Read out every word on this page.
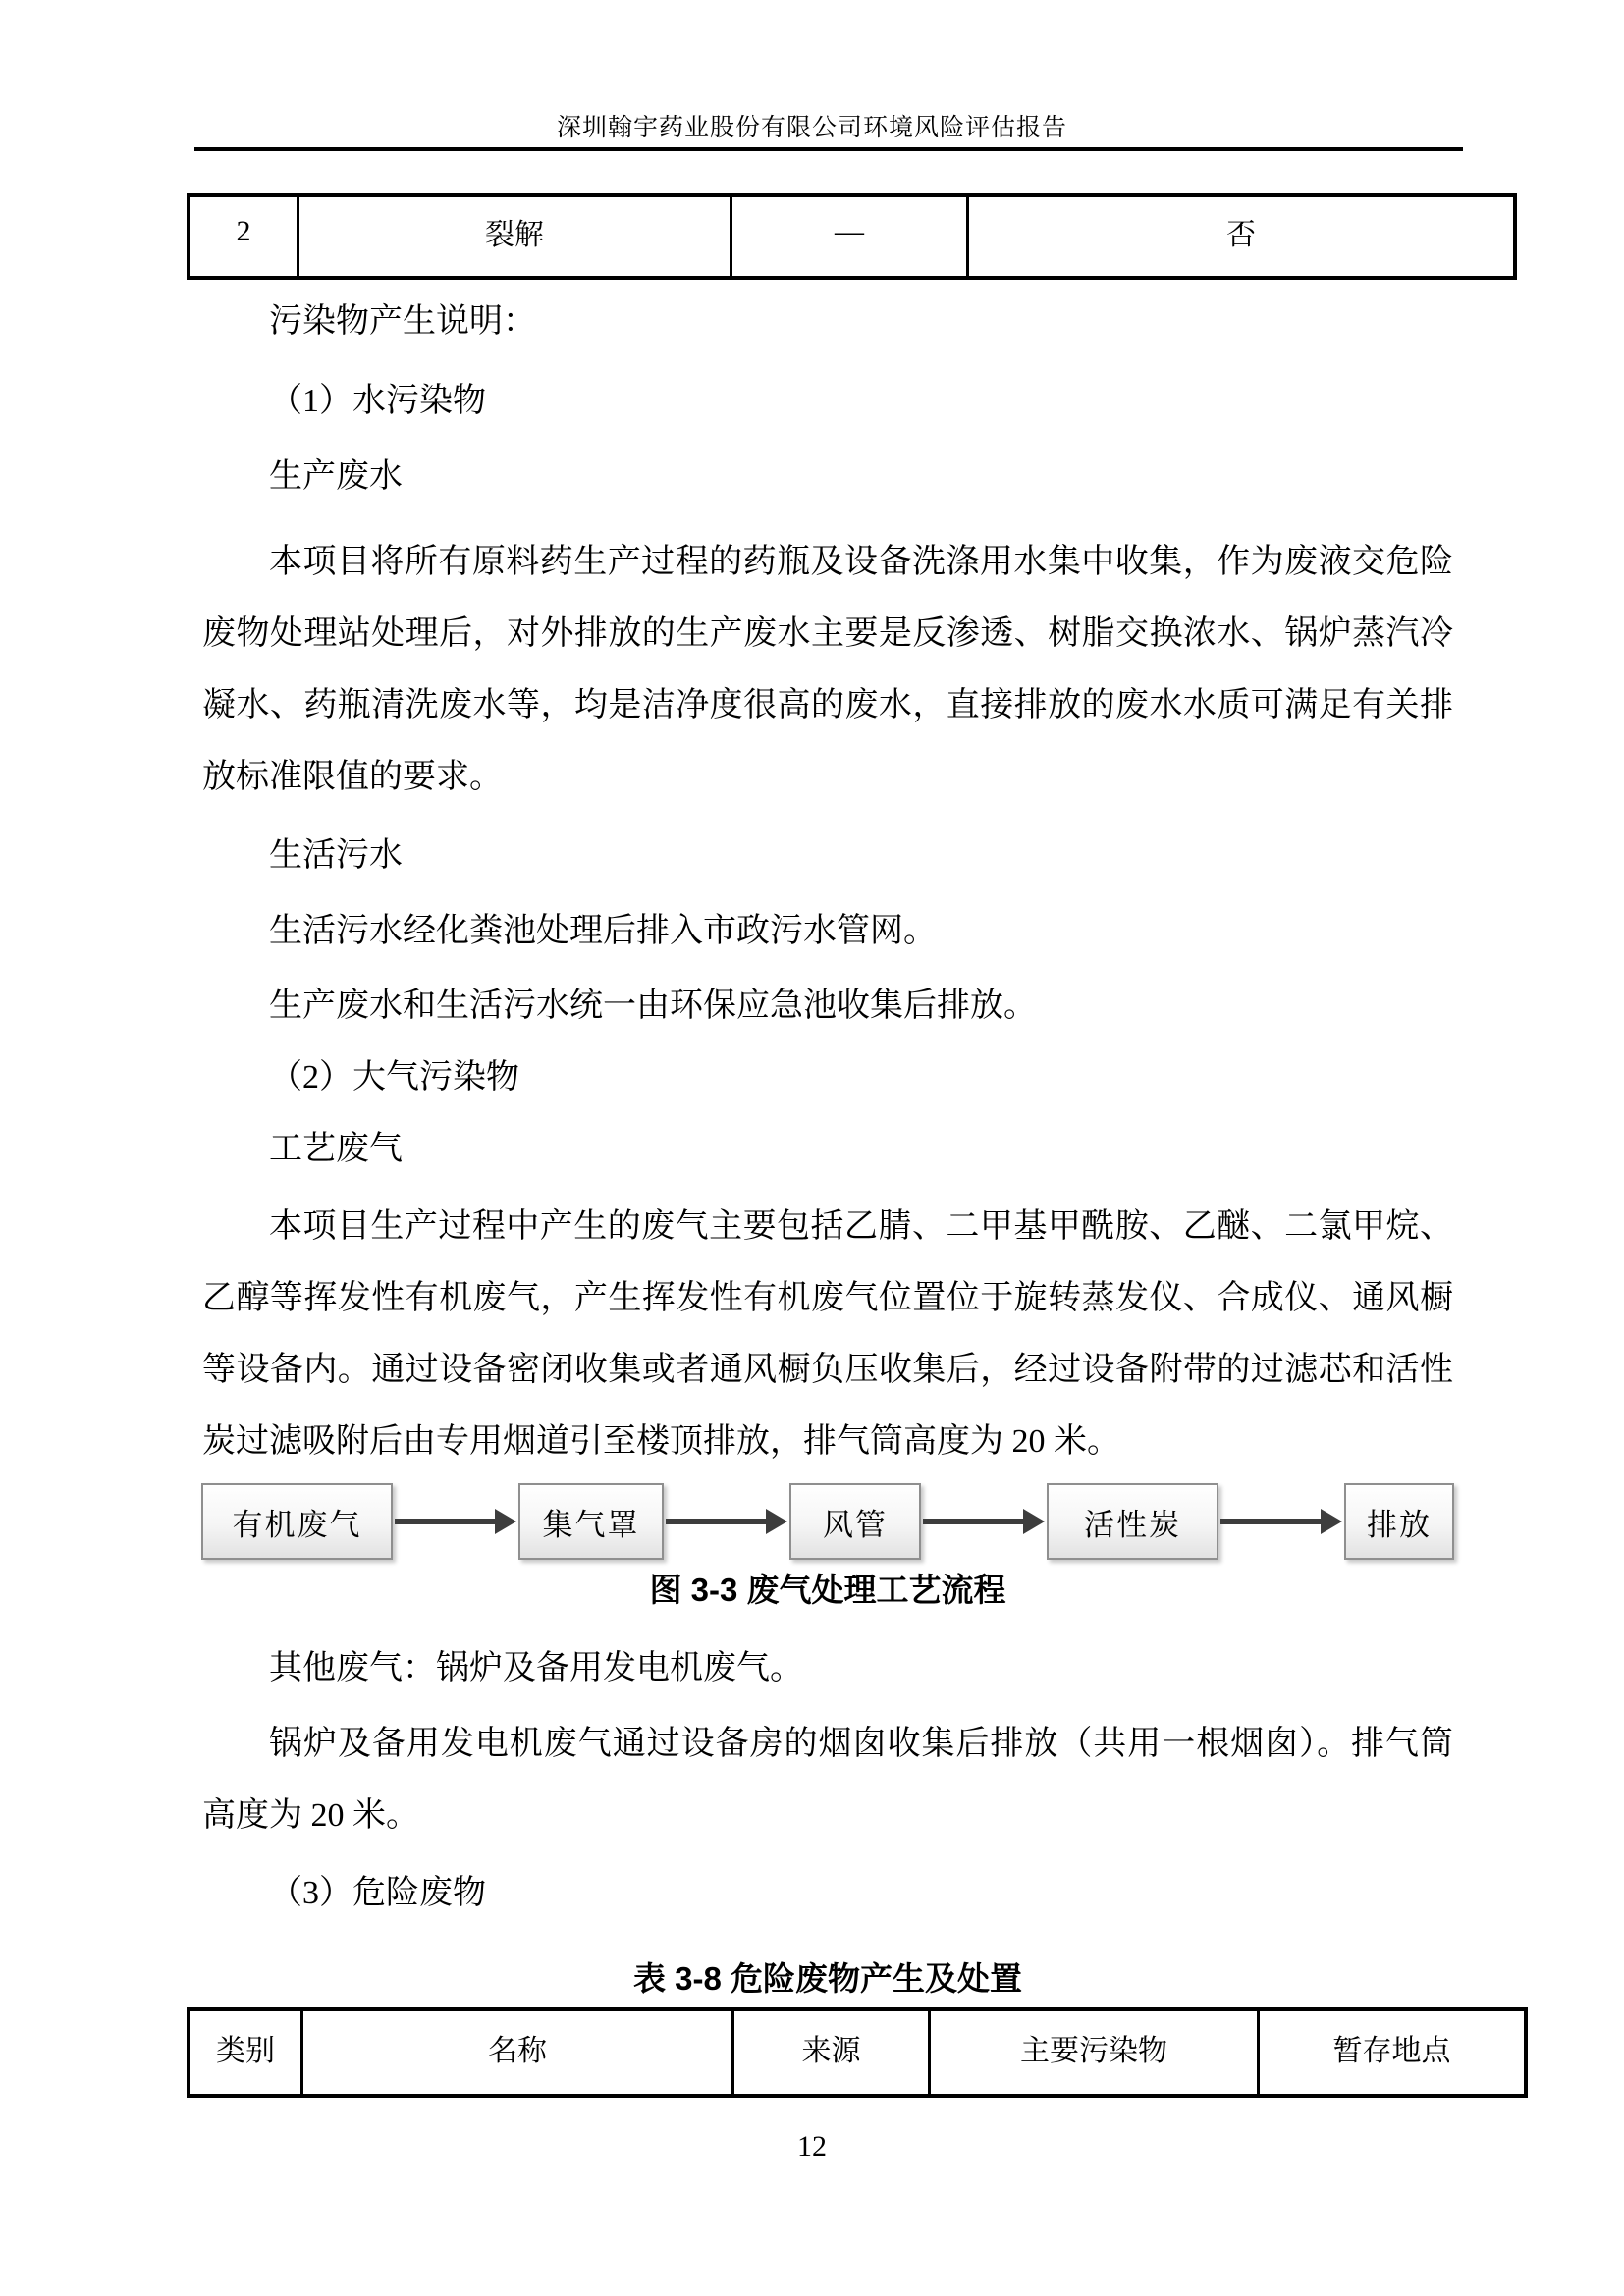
深圳翰宇药业股份有限公司环境风险评估报告
2	裂解	—	否

污染物产生说明：

（1）水污染物

生产废水

本项目将所有原料药生产过程的药瓶及设备洗涤用水集中收集，作为废液交危险废物处理站处理后，对外排放的生产废水主要是反渗透、树脂交换浓水、锅炉蒸汽冷凝水、药瓶清洗废水等，均是洁净度很高的废水，直接排放的废水水质可满足有关排放标准限值的要求。

生活污水

生活污水经化粪池处理后排入市政污水管网。

生产废水和生活污水统一由环保应急池收集后排放。

（2）大气污染物

工艺废气

本项目生产过程中产生的废气主要包括乙腈、二甲基甲酰胺、乙醚、二氯甲烷、乙醇等挥发性有机废气，产生挥发性有机废气位置位于旋转蒸发仪、合成仪、通风橱等设备内。通过设备密闭收集或者通风橱负压收集后，经过设备附带的过滤芯和活性炭过滤吸附后由专用烟道引至楼顶排放，排气筒高度为 20 米。

有机废气	集气罩	风管	活性炭	排放
图 3-3 废气处理工艺流程

其他废气：锅炉及备用发电机废气。

锅炉及备用发电机废气通过设备房的烟囱收集后排放（共用一根烟囱）。排气筒高度为 20 米。

（3）危险废物

表 3-8 危险废物产生及处置
类别	名称	来源	主要污染物	暂存地点
12
